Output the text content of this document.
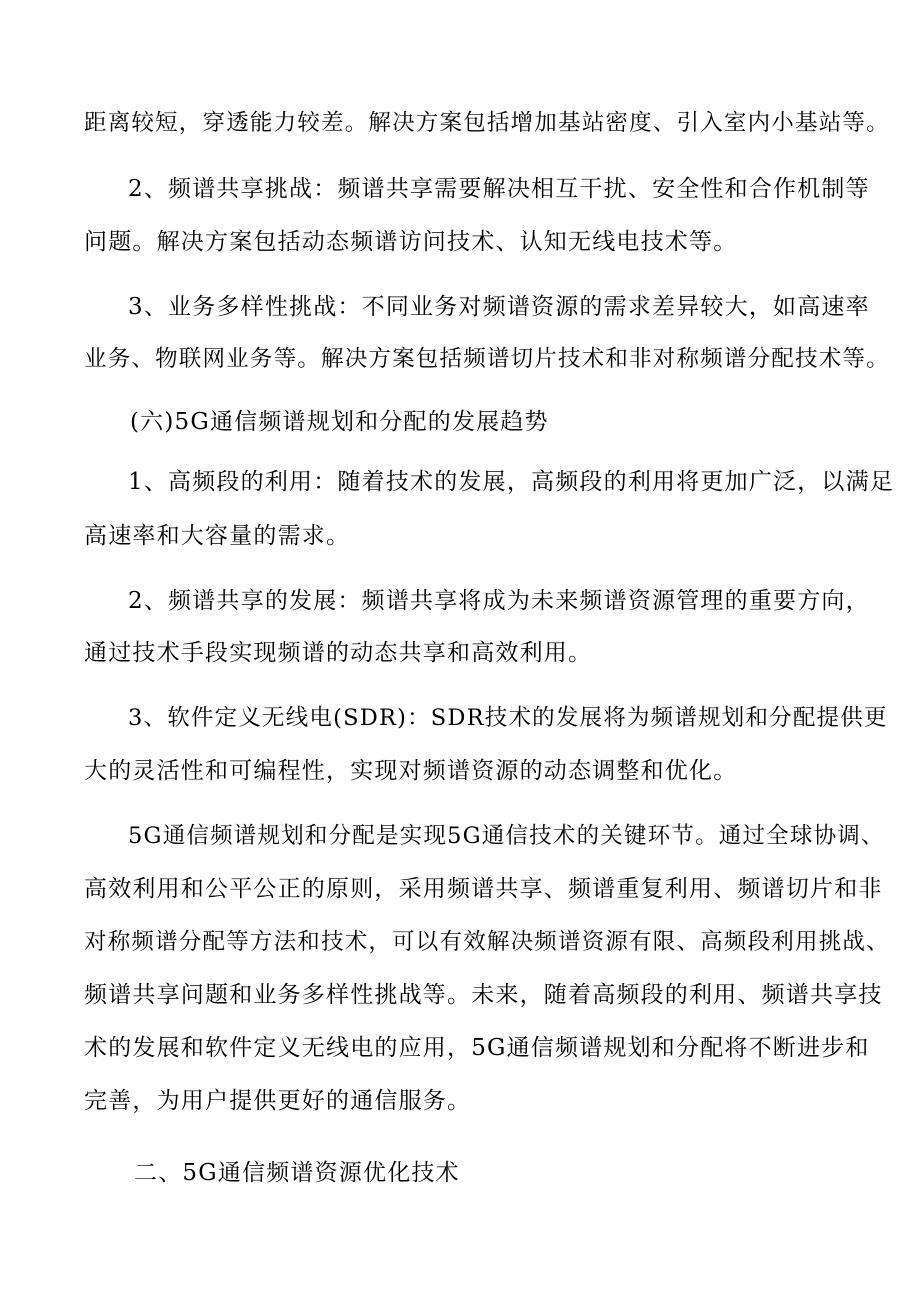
距离较短，穿透能力较差。解决方案包括增加基站密度、引入室内小基站等。
2、频谱共享挑战：频谱共享需要解决相互干扰、安全性和合作机制等
问题。解决方案包括动态频谱访问技术、认知无线电技术等。
3、业务多样性挑战：不同业务对频谱资源的需求差异较大，如高速率
业务、物联网业务等。解决方案包括频谱切片技术和非对称频谱分配技术等。
(六)5G通信频谱规划和分配的发展趋势
1、高频段的利用：随着技术的发展，高频段的利用将更加广泛，以满足
高速率和大容量的需求。
2、频谱共享的发展：频谱共享将成为未来频谱资源管理的重要方向，
通过技术手段实现频谱的动态共享和高效利用。
3、软件定义无线电(SDR)：SDR技术的发展将为频谱规划和分配提供更
大的灵活性和可编程性，实现对频谱资源的动态调整和优化。
5G通信频谱规划和分配是实现5G通信技术的关键环节。通过全球协调、
高效利用和公平公正的原则，采用频谱共享、频谱重复利用、频谱切片和非
对称频谱分配等方法和技术，可以有效解决频谱资源有限、高频段利用挑战、
频谱共享问题和业务多样性挑战等。未来，随着高频段的利用、频谱共享技
术的发展和软件定义无线电的应用，5G通信频谱规划和分配将不断进步和
完善，为用户提供更好的通信服务。
二、5G通信频谱资源优化技术
